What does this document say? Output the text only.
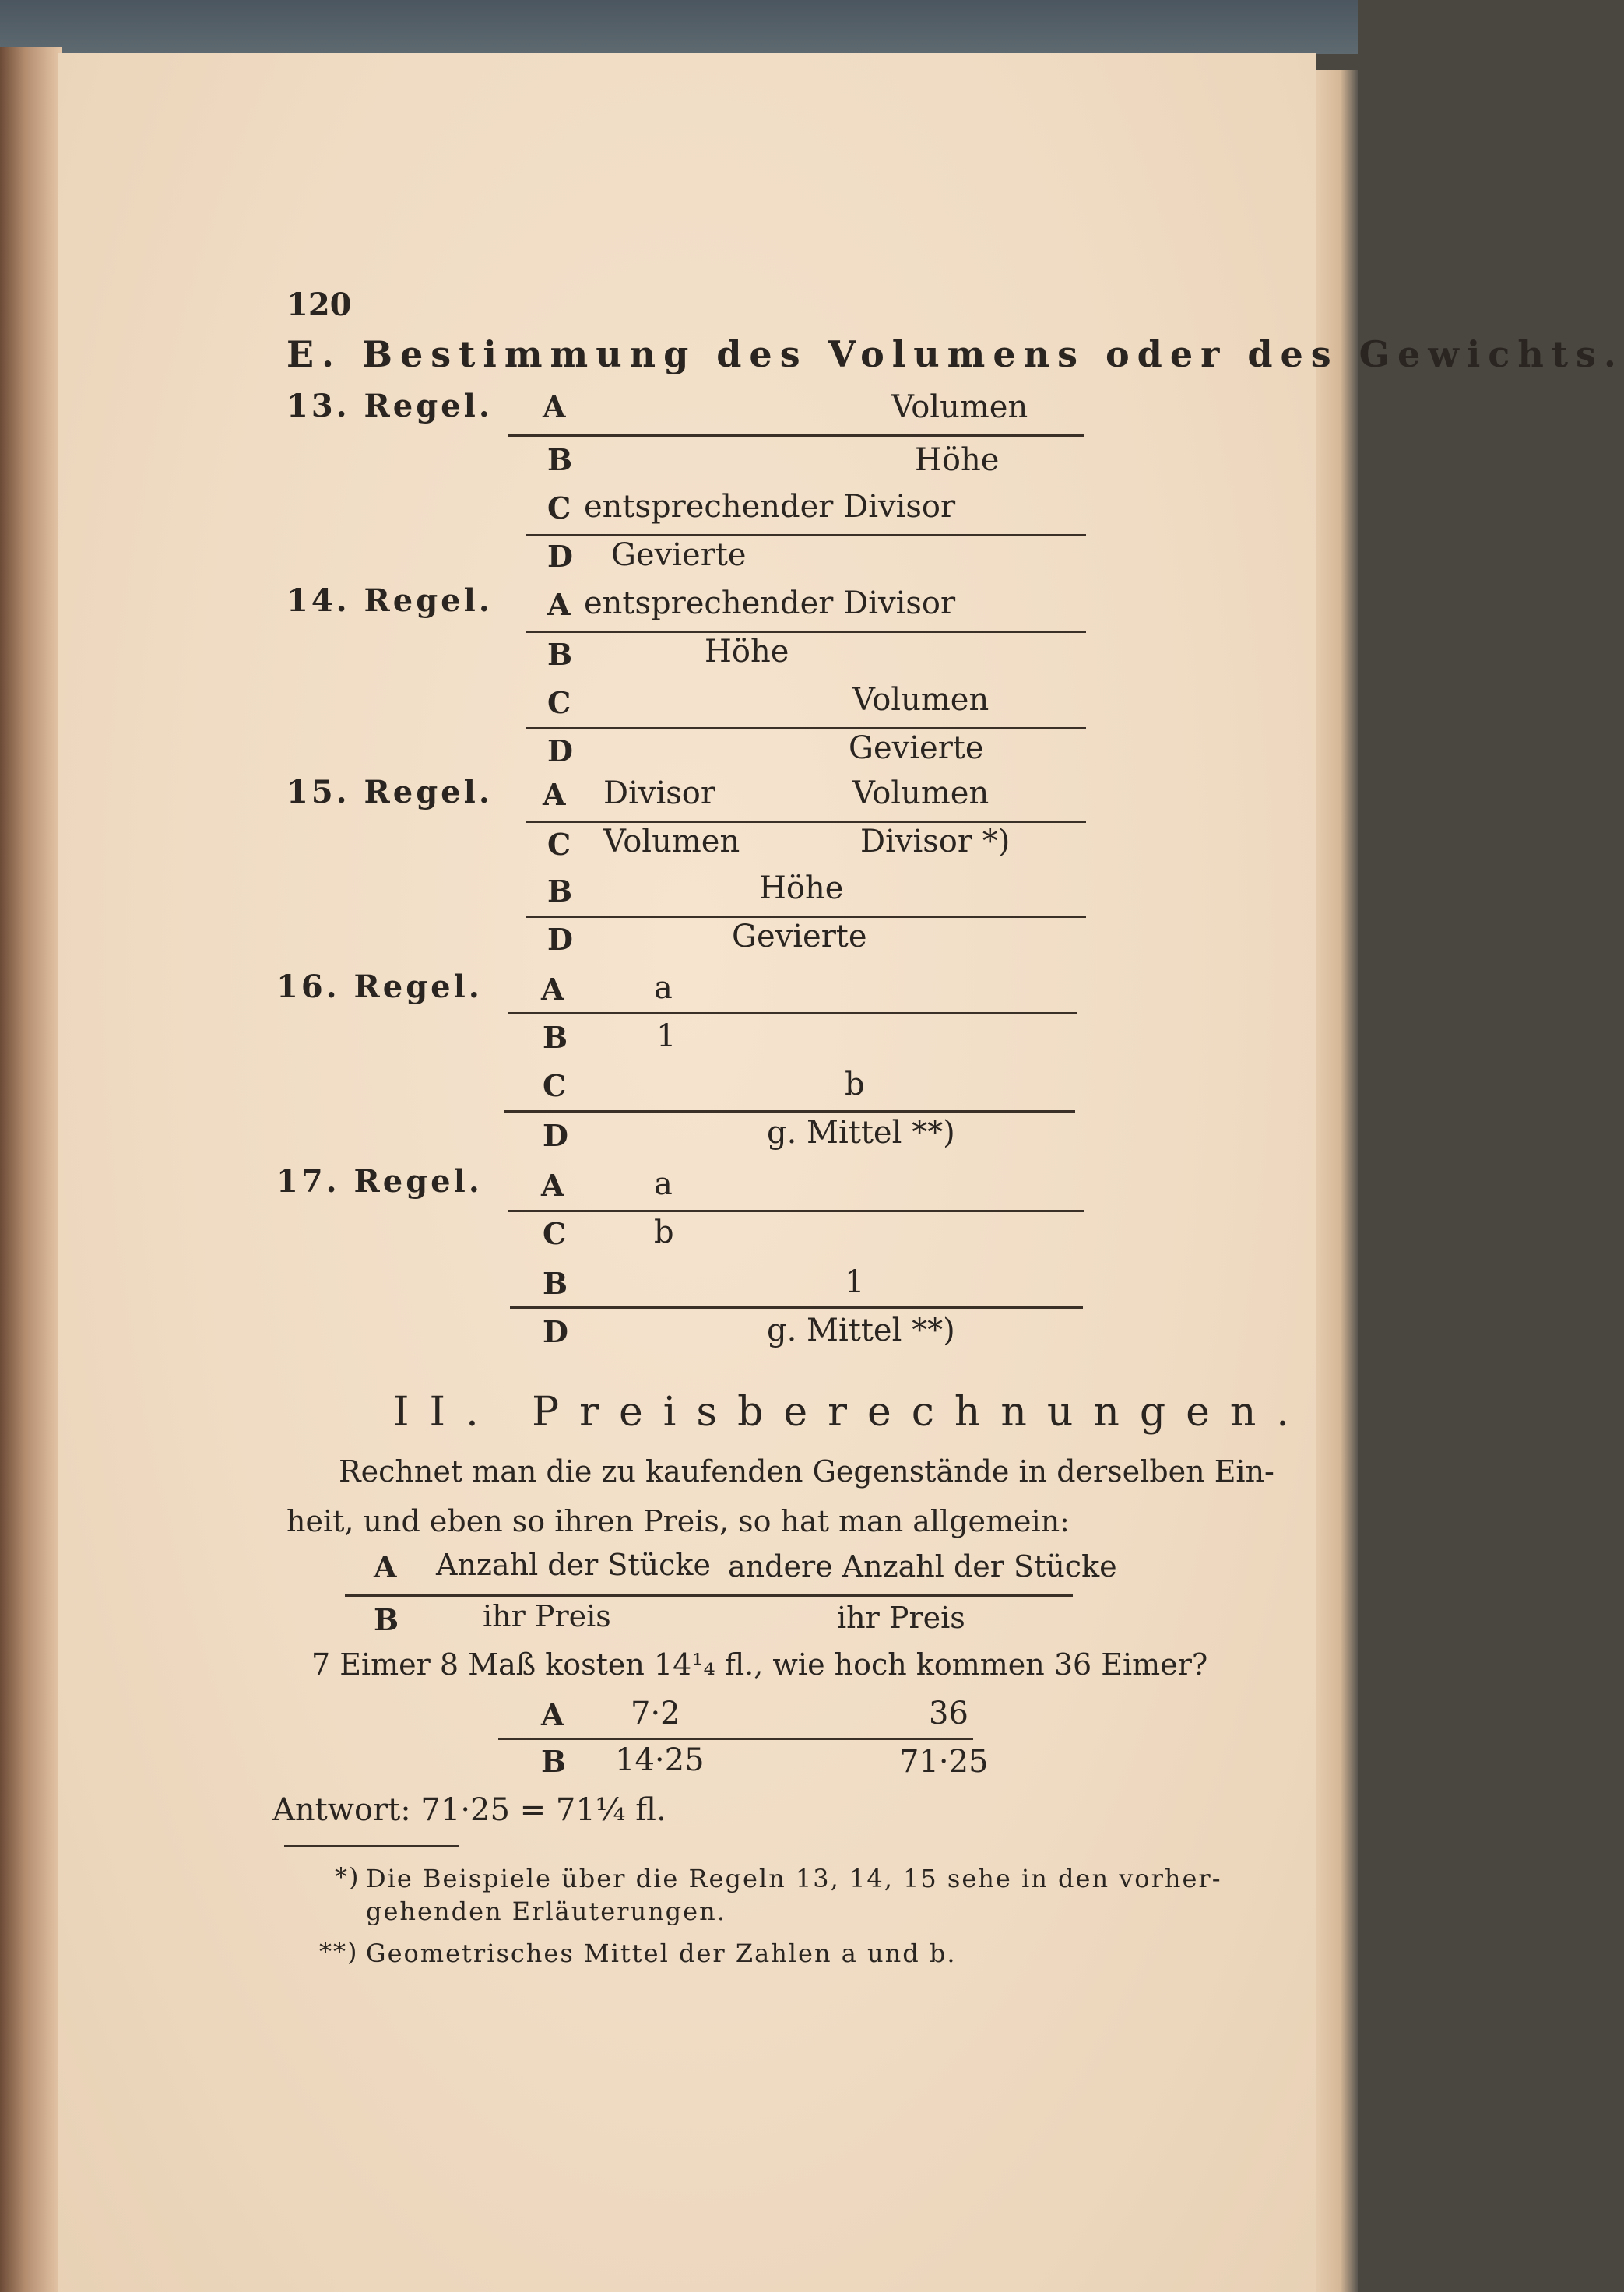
120
E. Bestimmung des Volumens oder des Gewichts.
13. Regel. A	Volumen
B	Höhe
C entsprechender Divisor
D Gevierte
14. Regel. A entsprechender Divisor
B	Höhe
C	Volumen
D	Gevierte
15. Regel. A Divisor	Volumen
C Volumen	Divisor *)
B	Höhe
D	Gevierte
16. Regel. A	a
B	1
C	b
D	g. Mittel **)
17. Regel. A	a
C	b
B	1
D	g. Mittel **)
II. Preisberechnungen.
Rechnet man die zu kaufenden Gegenstände in derselben Ein-
heit, und eben so ihren Preis, so hat man allgemein:
A Anzahl der Stücke andere Anzahl der Stücke
B	ihr Preis	ihr Preis
7 Eimer 8 Maß kosten 14¹₄ fl., wie hoch kommen 36 Eimer?
A 7·2	36
B 14·25	71·25
Antwort: 71·25 = 71¼ fl.
*) Die Beispiele über die Regeln 13, 14, 15 sehe in den vorher-
gehenden Erläuterungen.
**) Geometrisches Mittel der Zahlen a und b.
